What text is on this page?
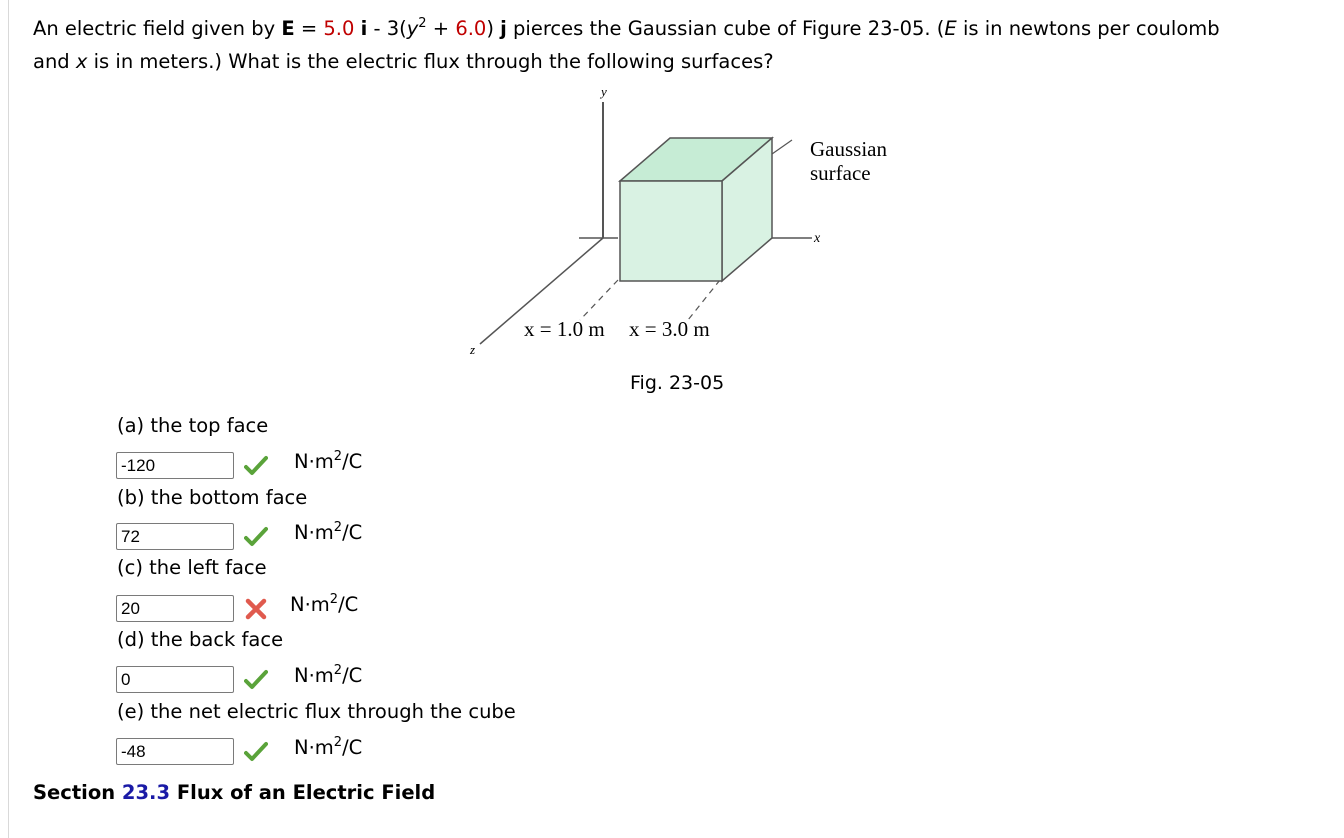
An electric field given by E = 5.0 $i - 3(y^2 + 6.0)$ j pierces the Gaussian cube of Figure 23-05. (E is in newtons per coulomb
and x is in meters.) What is the electric flux through the following surfaces?
y
x
z
Gaussian
surface
x = 1.0 m x = 3.0 m
Fig. 23-05
(a) the top face
-120
$N\cdot m^2/C$
(b) the bottom face
72
$N\cdot m^2/C$
(c) the left face
20
$N\cdot m^2/C$
(d) the back face
0
$N\cdot m^2/C$
(e) the net electric flux through the cube
-48
$N\cdot m^2/C$
Section 23.3 Flux of an Electric Field
